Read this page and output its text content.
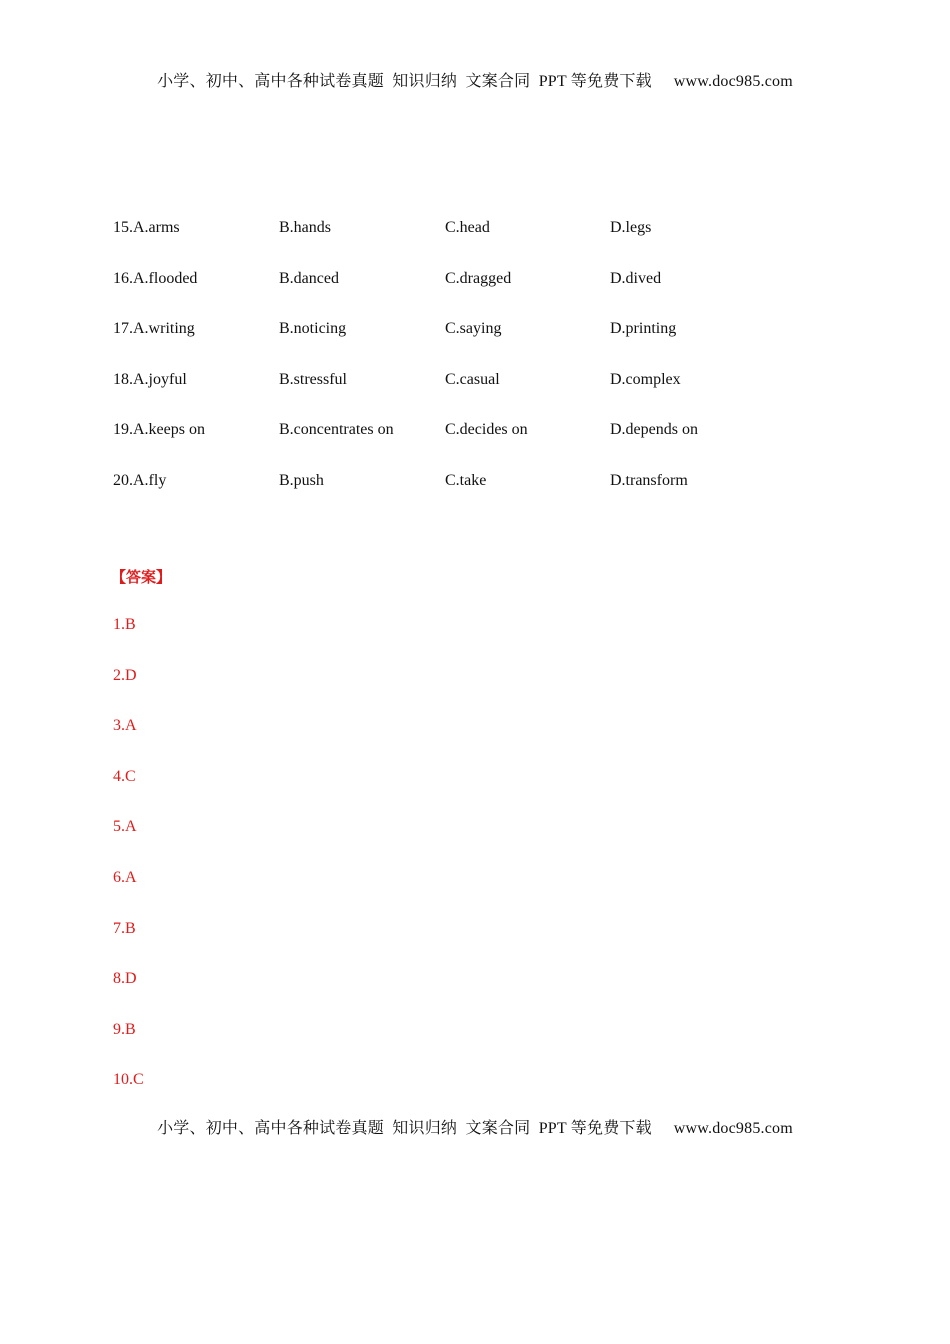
小学、初中、高中各种试卷真题  知识归纳  文案合同  PPT 等免费下载 www.doc985.com
15.A.arms	B.hands	C.head	D.legs
16.A.flooded	B.danced	C.dragged	D.dived
17.A.writing	B.noticing	C.saying	D.printing
18.A.joyful	B.stressful	C.casual	D.complex
19.A.keeps on	B.concentrates on	C.decides on	D.depends on
20.A.fly	B.push	C.take	D.transform
【答案】
1.B
2.D
3.A
4.C
5.A
6.A
7.B
8.D
9.B
10.C
小学、初中、高中各种试卷真题  知识归纳  文案合同  PPT 等免费下载 www.doc985.com
